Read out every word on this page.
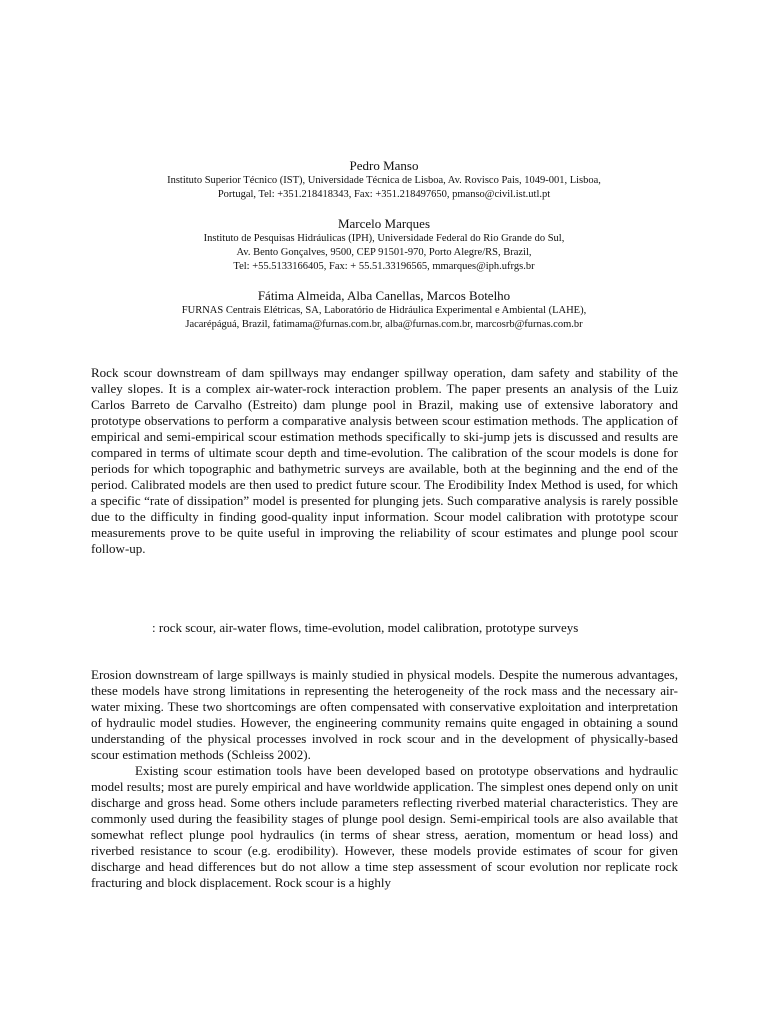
Pedro Manso
Instituto Superior Técnico (IST), Universidade Técnica de Lisboa, Av. Rovisco Pais, 1049-001, Lisboa,
Portugal, Tel: +351.218418343, Fax: +351.218497650, pmanso@civil.ist.utl.pt
Marcelo Marques
Instituto de Pesquisas Hidráulicas (IPH), Universidade Federal do Rio Grande do Sul,
Av. Bento Gonçalves, 9500, CEP 91501-970, Porto Alegre/RS, Brazil,
Tel: +55.5133166405, Fax: + 55.51.33196565, mmarques@iph.ufrgs.br
Fátima Almeida, Alba Canellas, Marcos Botelho
FURNAS Centrais Elétricas, SA, Laboratório de Hidráulica Experimental e Ambiental (LAHE),
Jacarépáguá, Brazil, fatimama@furnas.com.br, alba@furnas.com.br, marcosrb@furnas.com.br

Rock scour downstream of dam spillways may endanger spillway operation, dam safety and stability of the valley slopes. It is a complex air-water-rock interaction problem. The paper presents an analysis of the Luiz Carlos Barreto de Carvalho (Estreito) dam plunge pool in Brazil, making use of extensive laboratory and prototype observations to perform a comparative analysis between scour estimation methods. The application of empirical and semi-empirical scour estimation methods specifically to ski-jump jets is discussed and results are compared in terms of ultimate scour depth and time-evolution. The calibration of the scour models is done for periods for which topographic and bathymetric surveys are available, both at the beginning and the end of the period. Calibrated models are then used to predict future scour. The Erodibility Index Method is used, for which a specific “rate of dissipation” model is presented for plunging jets. Such comparative analysis is rarely possible due to the difficulty in finding good-quality input information. Scour model calibration with prototype scour measurements prove to be quite useful in improving the reliability of scour estimates and plunge pool scour follow-up.

: rock scour, air-water flows, time-evolution, model calibration, prototype surveys

Erosion downstream of large spillways is mainly studied in physical models. Despite the numerous advantages, these models have strong limitations in representing the heterogeneity of the rock mass and the necessary air-water mixing. These two shortcomings are often compensated with conservative exploitation and interpretation of hydraulic model studies. However, the engineering community remains quite engaged in obtaining a sound understanding of the physical processes involved in rock scour and in the development of physically-based scour estimation methods (Schleiss 2002).

Existing scour estimation tools have been developed based on prototype observations and hydraulic model results; most are purely empirical and have worldwide application. The simplest ones depend only on unit discharge and gross head. Some others include parameters reflecting riverbed material characteristics. They are commonly used during the feasibility stages of plunge pool design. Semi-empirical tools are also available that somewhat reflect plunge pool hydraulics (in terms of shear stress, aeration, momentum or head loss) and riverbed resistance to scour (e.g. erodibility). However, these models provide estimates of scour for given discharge and head differences but do not allow a time step assessment of scour evolution nor replicate rock fracturing and block displacement. Rock scour is a highly
